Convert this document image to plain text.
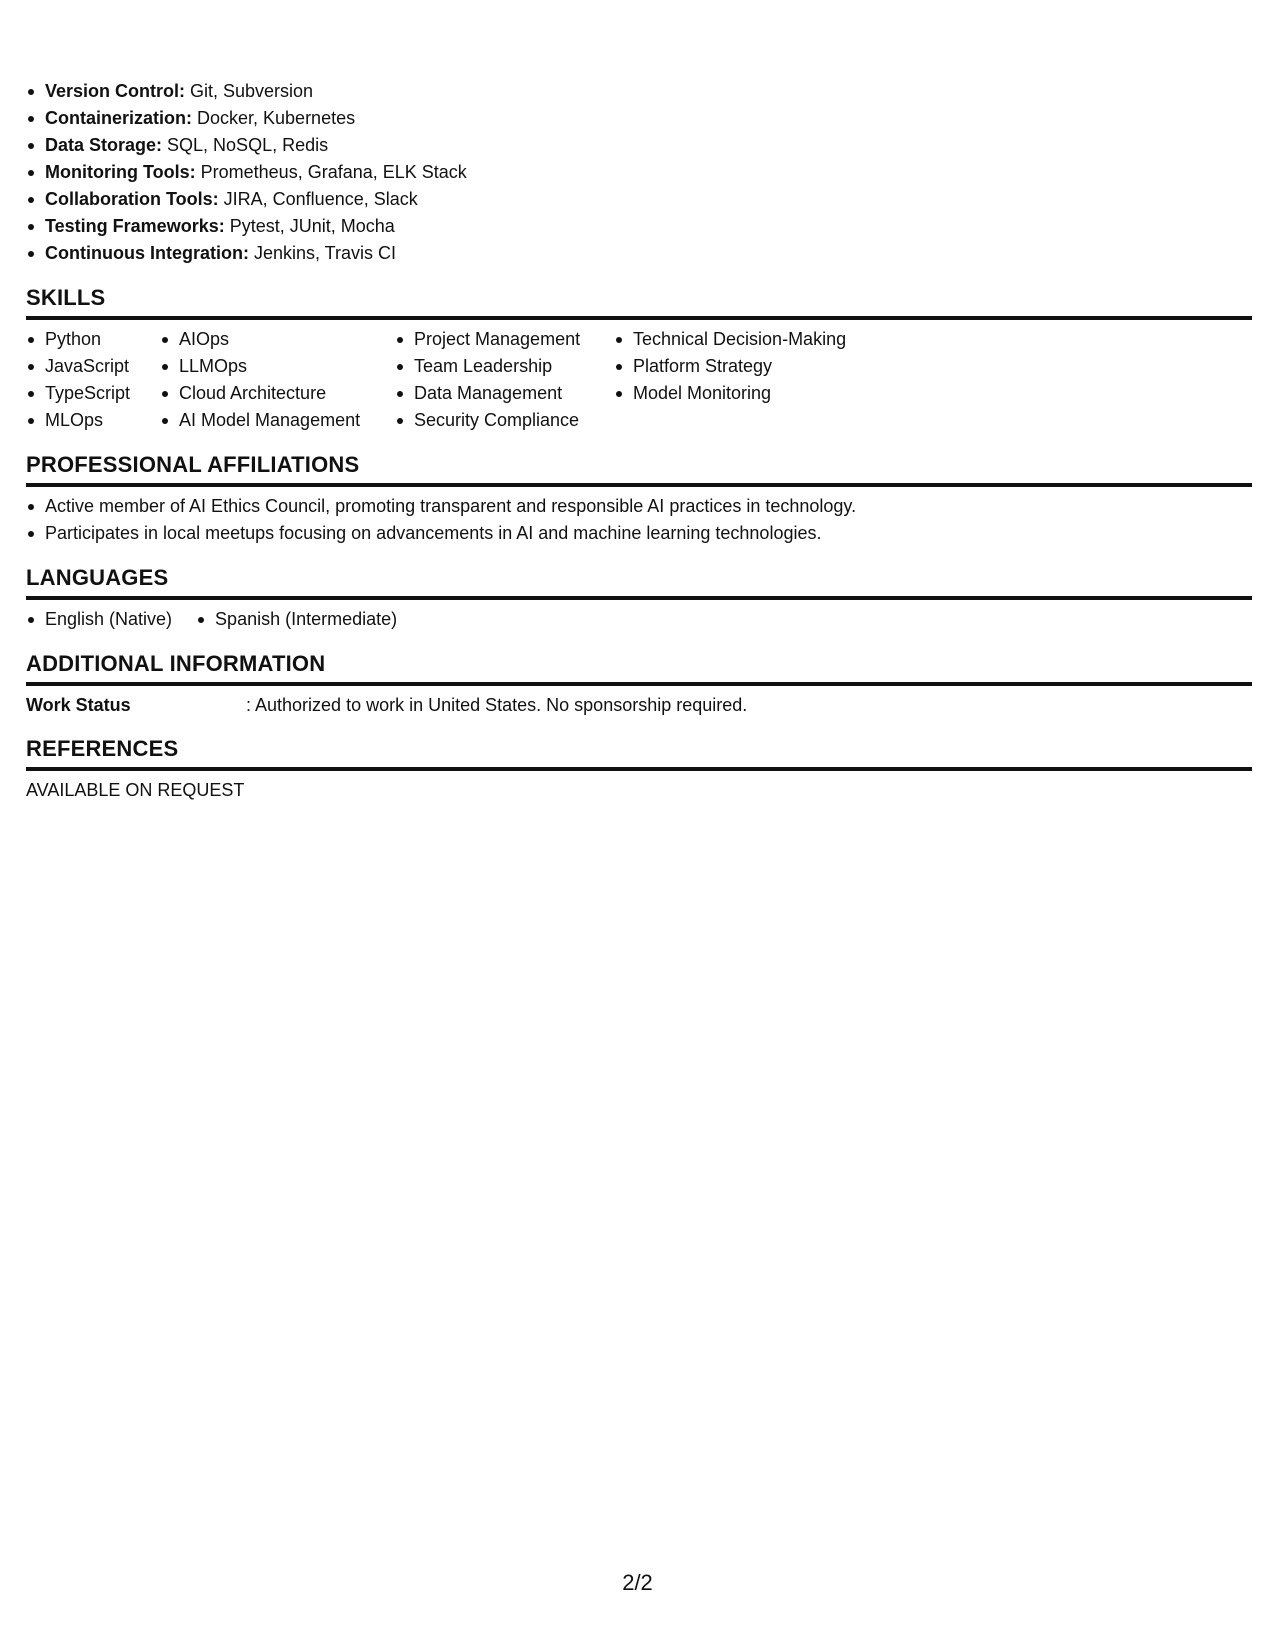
Version Control: Git, Subversion
Containerization: Docker, Kubernetes
Data Storage: SQL, NoSQL, Redis
Monitoring Tools: Prometheus, Grafana, ELK Stack
Collaboration Tools: JIRA, Confluence, Slack
Testing Frameworks: Pytest, JUnit, Mocha
Continuous Integration: Jenkins, Travis CI
SKILLS
Python
JavaScript
TypeScript
MLOps
AIOps
LLMOps
Cloud Architecture
AI Model Management
Project Management
Team Leadership
Data Management
Security Compliance
Technical Decision-Making
Platform Strategy
Model Monitoring
PROFESSIONAL AFFILIATIONS
Active member of AI Ethics Council, promoting transparent and responsible AI practices in technology.
Participates in local meetups focusing on advancements in AI and machine learning technologies.
LANGUAGES
English (Native)	Spanish (Intermediate)
ADDITIONAL INFORMATION
Work Status	: Authorized to work in United States. No sponsorship required.
REFERENCES
AVAILABLE ON REQUEST
2/2
